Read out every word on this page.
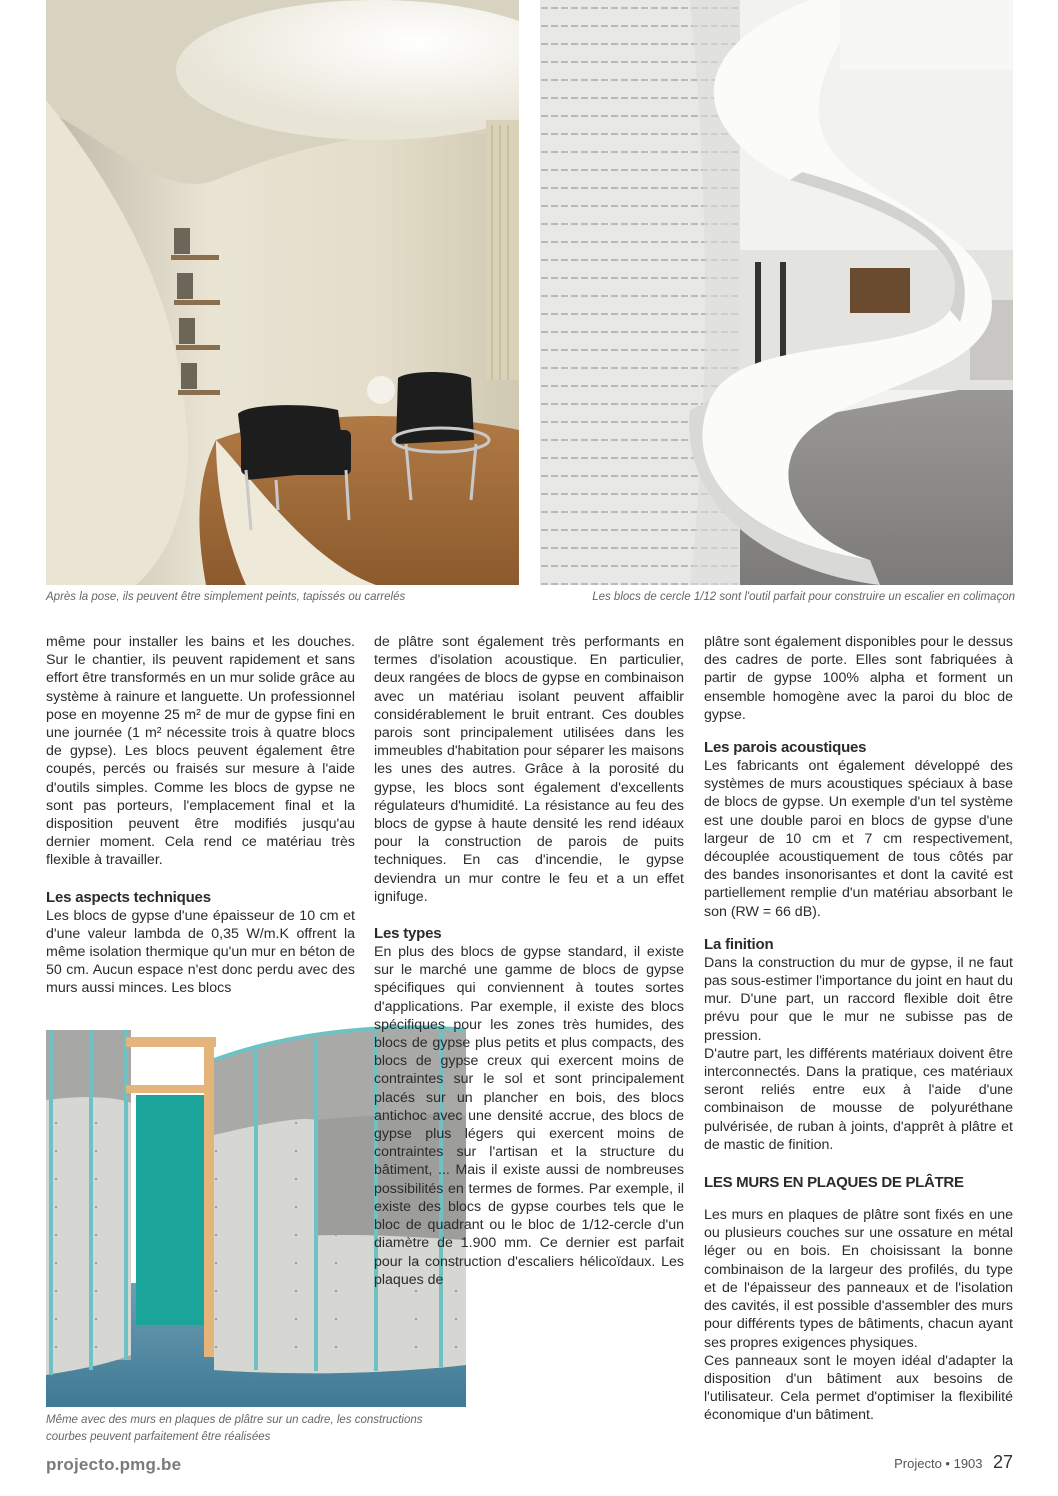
Après la pose, ils peuvent être simplement peints, tapissés ou carrelés	Les blocs de cercle 1/12 sont l'outil parfait pour construire un escalier en colimaçon

même pour installer les bains et les douches. Sur le chantier, ils peuvent rapidement et sans effort être transformés en un mur solide grâce au système à rainure et languette. Un professionnel pose en moyenne 25 m² de mur de gypse fini en une journée (1 m² nécessite trois à quatre blocs de gypse). Les blocs peuvent également être coupés, percés ou fraisés sur mesure à l'aide d'outils simples. Comme les blocs de gypse ne sont pas porteurs, l'emplacement final et la disposition peuvent être modifiés jusqu'au dernier moment. Cela rend ce matériau très flexible à travailler.

Les aspects techniques

Les blocs de gypse d'une épaisseur de 10 cm et d'une valeur lambda de 0,35 W/m.K offrent la même isolation thermique qu'un mur en béton de 50 cm. Aucun espace n'est donc perdu avec des murs aussi minces. Les blocs

Même avec des murs en plaques de plâtre sur un cadre, les constructions courbes peuvent parfaitement être réalisées

de plâtre sont également très performants en termes d'isolation acoustique. En particulier, deux rangées de blocs de gypse en combinaison avec un matériau isolant peuvent affaiblir considérablement le bruit entrant. Ces doubles parois sont principalement utilisées dans les immeubles d'habitation pour séparer les maisons les unes des autres. Grâce à la porosité du gypse, les blocs sont également d'excellents régulateurs d'humidité. La résistance au feu des blocs de gypse à haute densité les rend idéaux pour la construction de parois de puits techniques. En cas d'incendie, le gypse deviendra un mur contre le feu et a un effet ignifuge.

Les types

En plus des blocs de gypse standard, il existe sur le marché une gamme de blocs de gypse spécifiques qui conviennent à toutes sortes d'applications. Par exemple, il existe des blocs spécifiques pour les zones très humides, des blocs de gypse plus petits et plus compacts, des blocs de gypse creux qui exercent moins de contraintes sur le sol et sont principalement placés sur un plancher en bois, des blocs antichoc avec une densité accrue, des blocs de gypse plus légers qui exercent moins de contraintes sur l'artisan et la structure du bâtiment, ... Mais il existe aussi de nombreuses possibilités en termes de formes. Par exemple, il existe des blocs de gypse courbes tels que le bloc de quadrant ou le bloc de 1/12-cercle d'un diamètre de 1.900 mm. Ce dernier est parfait pour la construction d'escaliers hélicoïdaux. Les plaques de

plâtre sont également disponibles pour le dessus des cadres de porte. Elles sont fabriquées à partir de gypse 100% alpha et forment un ensemble homogène avec la paroi du bloc de gypse.

Les parois acoustiques

Les fabricants ont également développé des systèmes de murs acoustiques spéciaux à base de blocs de gypse. Un exemple d'un tel système est une double paroi en blocs de gypse d'une largeur de 10 cm et 7 cm respectivement, découplée acoustiquement de tous côtés par des bandes insonorisantes et dont la cavité est partiellement remplie d'un matériau absorbant le son (RW = 66 dB).

La finition

Dans la construction du mur de gypse, il ne faut pas sous-estimer l'importance du joint en haut du mur. D'une part, un raccord flexible doit être prévu pour que le mur ne subisse pas de pression.

D'autre part, les différents matériaux doivent être interconnectés. Dans la pratique, ces matériaux seront reliés entre eux à l'aide d'une combinaison de mousse de polyuréthane pulvérisée, de ruban à joints, d'apprêt à plâtre et de mastic de finition.

LES MURS EN PLAQUES DE PLÂTRE

Les murs en plaques de plâtre sont fixés en une ou plusieurs couches sur une ossature en métal léger ou en bois. En choisissant la bonne combinaison de la largeur des profilés, du type et de l'épaisseur des panneaux et de l'isolation des cavités, il est possible d'assembler des murs pour différents types de bâtiments, chacun ayant ses propres exigences physiques.

Ces panneaux sont le moyen idéal d'adapter la disposition d'un bâtiment aux besoins de l'utilisateur. Cela permet d'optimiser la flexibilité économique d'un bâtiment.

projecto.pmg.be	Projecto • 1903 27
